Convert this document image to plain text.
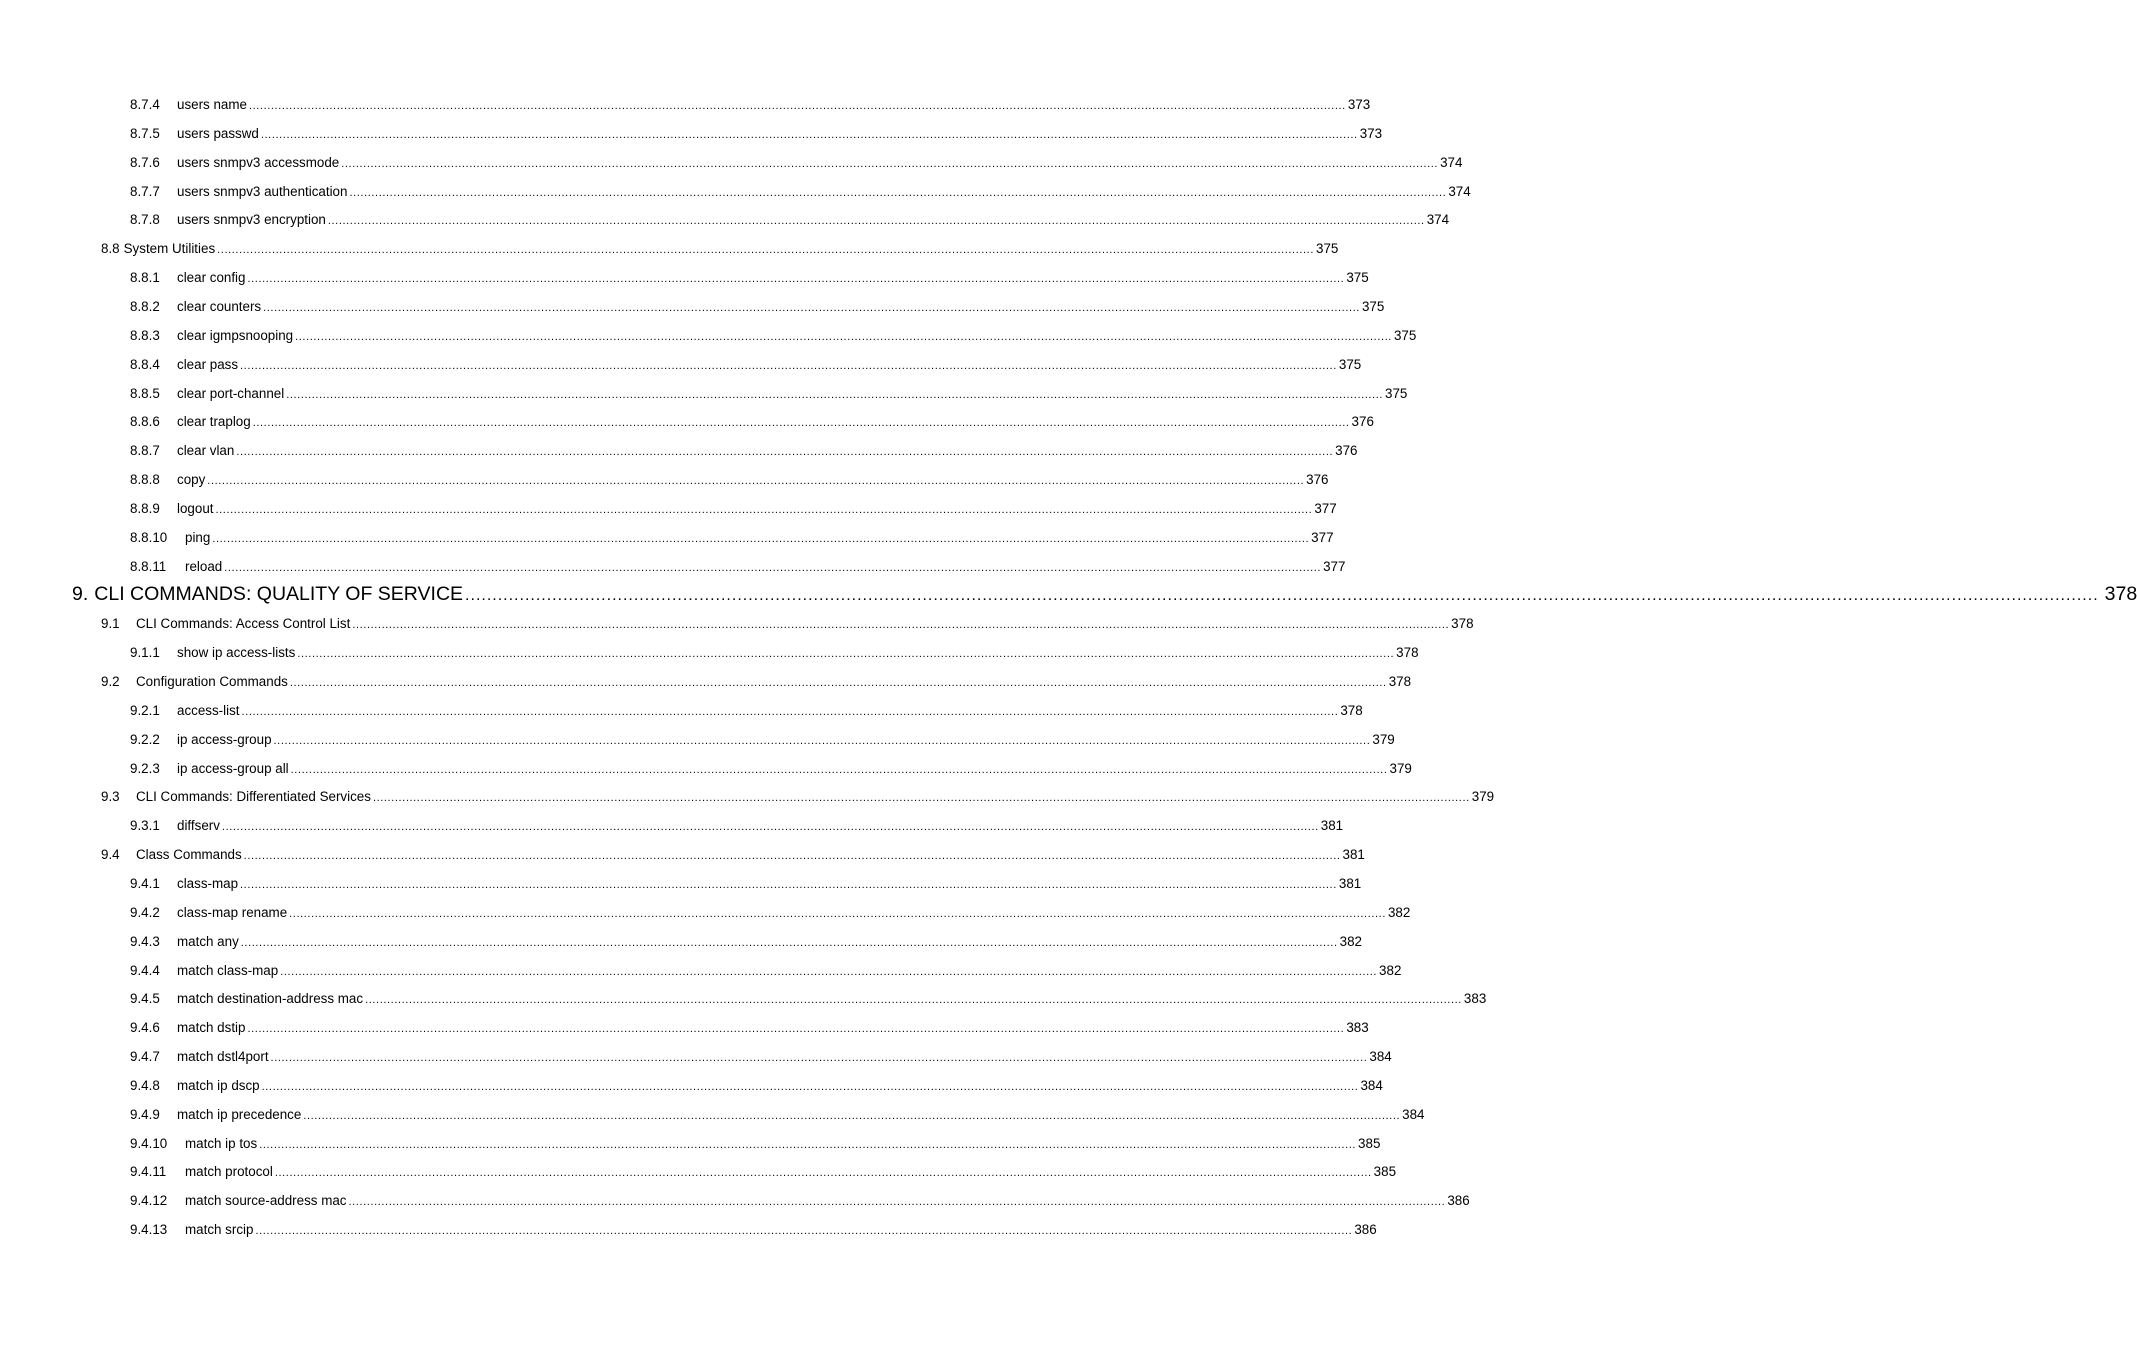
8.7.4	users name ............................................................................................................................................................................................................................................................................................................ 373
8.7.5	users passwd ............................................................................................................................................................................................................................................................................................................ 373
8.7.6	users snmpv3 accessmode ............................................................................................................................................................................................................................................................................................................ 374
8.7.7	users snmpv3 authentication ............................................................................................................................................................................................................................................................................................................ 374
8.7.8	users snmpv3 encryption ............................................................................................................................................................................................................................................................................................................ 374
8.8 System Utilities ............................................................................................................................................................................................................................................................................................................ 375
8.8.1	clear config ............................................................................................................................................................................................................................................................................................................ 375
8.8.2	clear counters ............................................................................................................................................................................................................................................................................................................ 375
8.8.3	clear igmpsnooping ............................................................................................................................................................................................................................................................................................................ 375
8.8.4	clear pass ............................................................................................................................................................................................................................................................................................................ 375
8.8.5	clear port-channel ............................................................................................................................................................................................................................................................................................................ 375
8.8.6	clear traplog ............................................................................................................................................................................................................................................................................................................ 376
8.8.7	clear vlan ............................................................................................................................................................................................................................................................................................................ 376
8.8.8	copy ............................................................................................................................................................................................................................................................................................................ 376
8.8.9	logout ............................................................................................................................................................................................................................................................................................................ 377
8.8.10	ping ............................................................................................................................................................................................................................................................................................................ 377
8.8.11	reload ............................................................................................................................................................................................................................................................................................................ 377
9. CLI COMMANDS: QUALITY OF SERVICE ............................................................................................................................................................................................................................................................................................................ 378
9.1	CLI Commands: Access Control List ............................................................................................................................................................................................................................................................................................................ 378
9.1.1	show ip access-lists ............................................................................................................................................................................................................................................................................................................ 378
9.2	Configuration Commands ............................................................................................................................................................................................................................................................................................................ 378
9.2.1	access-list ............................................................................................................................................................................................................................................................................................................ 378
9.2.2	ip access-group ............................................................................................................................................................................................................................................................................................................ 379
9.2.3	ip access-group all ............................................................................................................................................................................................................................................................................................................ 379
9.3	CLI Commands: Differentiated Services ............................................................................................................................................................................................................................................................................................................ 379
9.3.1	diffserv ............................................................................................................................................................................................................................................................................................................ 381
9.4	Class Commands ............................................................................................................................................................................................................................................................................................................ 381
9.4.1	class-map ............................................................................................................................................................................................................................................................................................................ 381
9.4.2	class-map rename ............................................................................................................................................................................................................................................................................................................ 382
9.4.3	match any ............................................................................................................................................................................................................................................................................................................ 382
9.4.4	match class-map ............................................................................................................................................................................................................................................................................................................ 382
9.4.5	match destination-address mac ............................................................................................................................................................................................................................................................................................................ 383
9.4.6	match dstip ............................................................................................................................................................................................................................................................................................................ 383
9.4.7	match dstl4port ............................................................................................................................................................................................................................................................................................................ 384
9.4.8	match ip dscp ............................................................................................................................................................................................................................................................................................................ 384
9.4.9	match ip precedence ............................................................................................................................................................................................................................................................................................................ 384
9.4.10	match ip tos ............................................................................................................................................................................................................................................................................................................ 385
9.4.11	match protocol ............................................................................................................................................................................................................................................................................................................ 385
9.4.12	match source-address mac ............................................................................................................................................................................................................................................................................................................ 386
9.4.13	match srcip ............................................................................................................................................................................................................................................................................................................ 386
